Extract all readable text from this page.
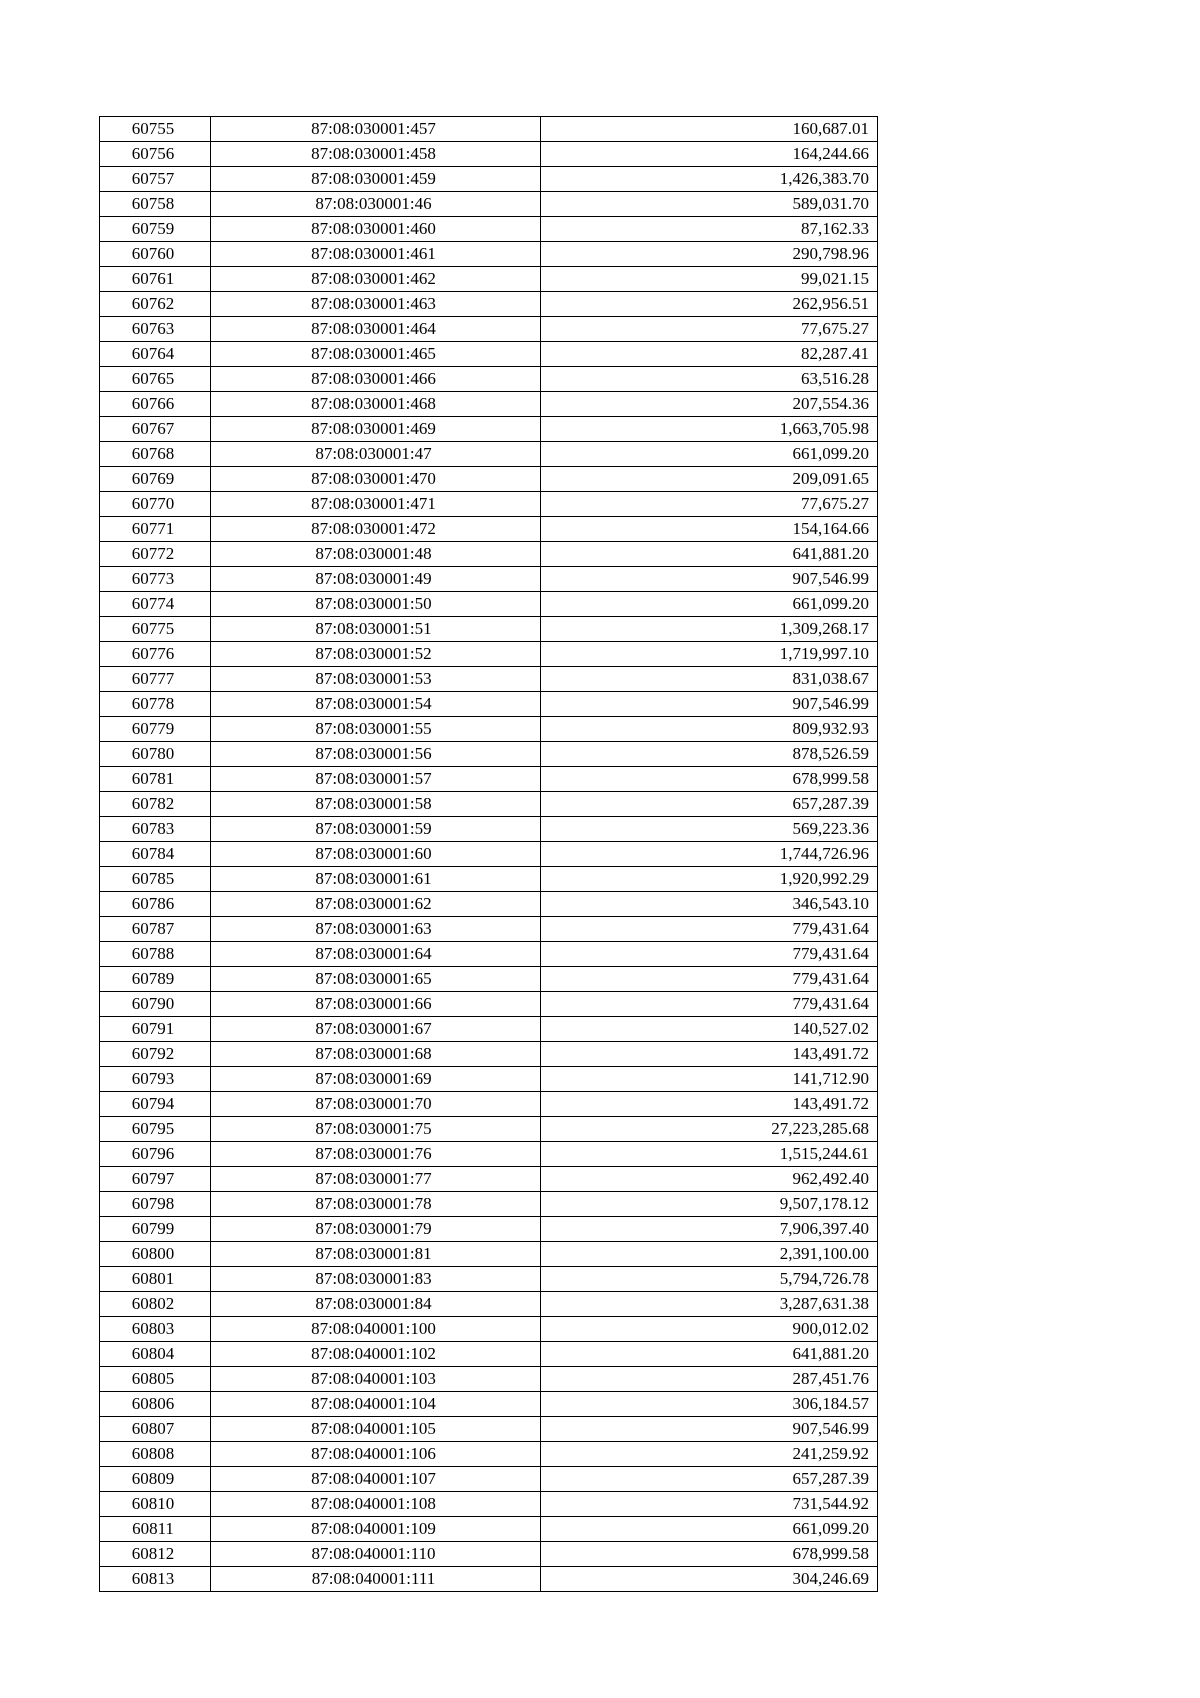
60755	87:08:030001:457	160,687.01
60756	87:08:030001:458	164,244.66
60757	87:08:030001:459	1,426,383.70
60758	87:08:030001:46	589,031.70
60759	87:08:030001:460	87,162.33
60760	87:08:030001:461	290,798.96
60761	87:08:030001:462	99,021.15
60762	87:08:030001:463	262,956.51
60763	87:08:030001:464	77,675.27
60764	87:08:030001:465	82,287.41
60765	87:08:030001:466	63,516.28
60766	87:08:030001:468	207,554.36
60767	87:08:030001:469	1,663,705.98
60768	87:08:030001:47	661,099.20
60769	87:08:030001:470	209,091.65
60770	87:08:030001:471	77,675.27
60771	87:08:030001:472	154,164.66
60772	87:08:030001:48	641,881.20
60773	87:08:030001:49	907,546.99
60774	87:08:030001:50	661,099.20
60775	87:08:030001:51	1,309,268.17
60776	87:08:030001:52	1,719,997.10
60777	87:08:030001:53	831,038.67
60778	87:08:030001:54	907,546.99
60779	87:08:030001:55	809,932.93
60780	87:08:030001:56	878,526.59
60781	87:08:030001:57	678,999.58
60782	87:08:030001:58	657,287.39
60783	87:08:030001:59	569,223.36
60784	87:08:030001:60	1,744,726.96
60785	87:08:030001:61	1,920,992.29
60786	87:08:030001:62	346,543.10
60787	87:08:030001:63	779,431.64
60788	87:08:030001:64	779,431.64
60789	87:08:030001:65	779,431.64
60790	87:08:030001:66	779,431.64
60791	87:08:030001:67	140,527.02
60792	87:08:030001:68	143,491.72
60793	87:08:030001:69	141,712.90
60794	87:08:030001:70	143,491.72
60795	87:08:030001:75	27,223,285.68
60796	87:08:030001:76	1,515,244.61
60797	87:08:030001:77	962,492.40
60798	87:08:030001:78	9,507,178.12
60799	87:08:030001:79	7,906,397.40
60800	87:08:030001:81	2,391,100.00
60801	87:08:030001:83	5,794,726.78
60802	87:08:030001:84	3,287,631.38
60803	87:08:040001:100	900,012.02
60804	87:08:040001:102	641,881.20
60805	87:08:040001:103	287,451.76
60806	87:08:040001:104	306,184.57
60807	87:08:040001:105	907,546.99
60808	87:08:040001:106	241,259.92
60809	87:08:040001:107	657,287.39
60810	87:08:040001:108	731,544.92
60811	87:08:040001:109	661,099.20
60812	87:08:040001:110	678,999.58
60813	87:08:040001:111	304,246.69
